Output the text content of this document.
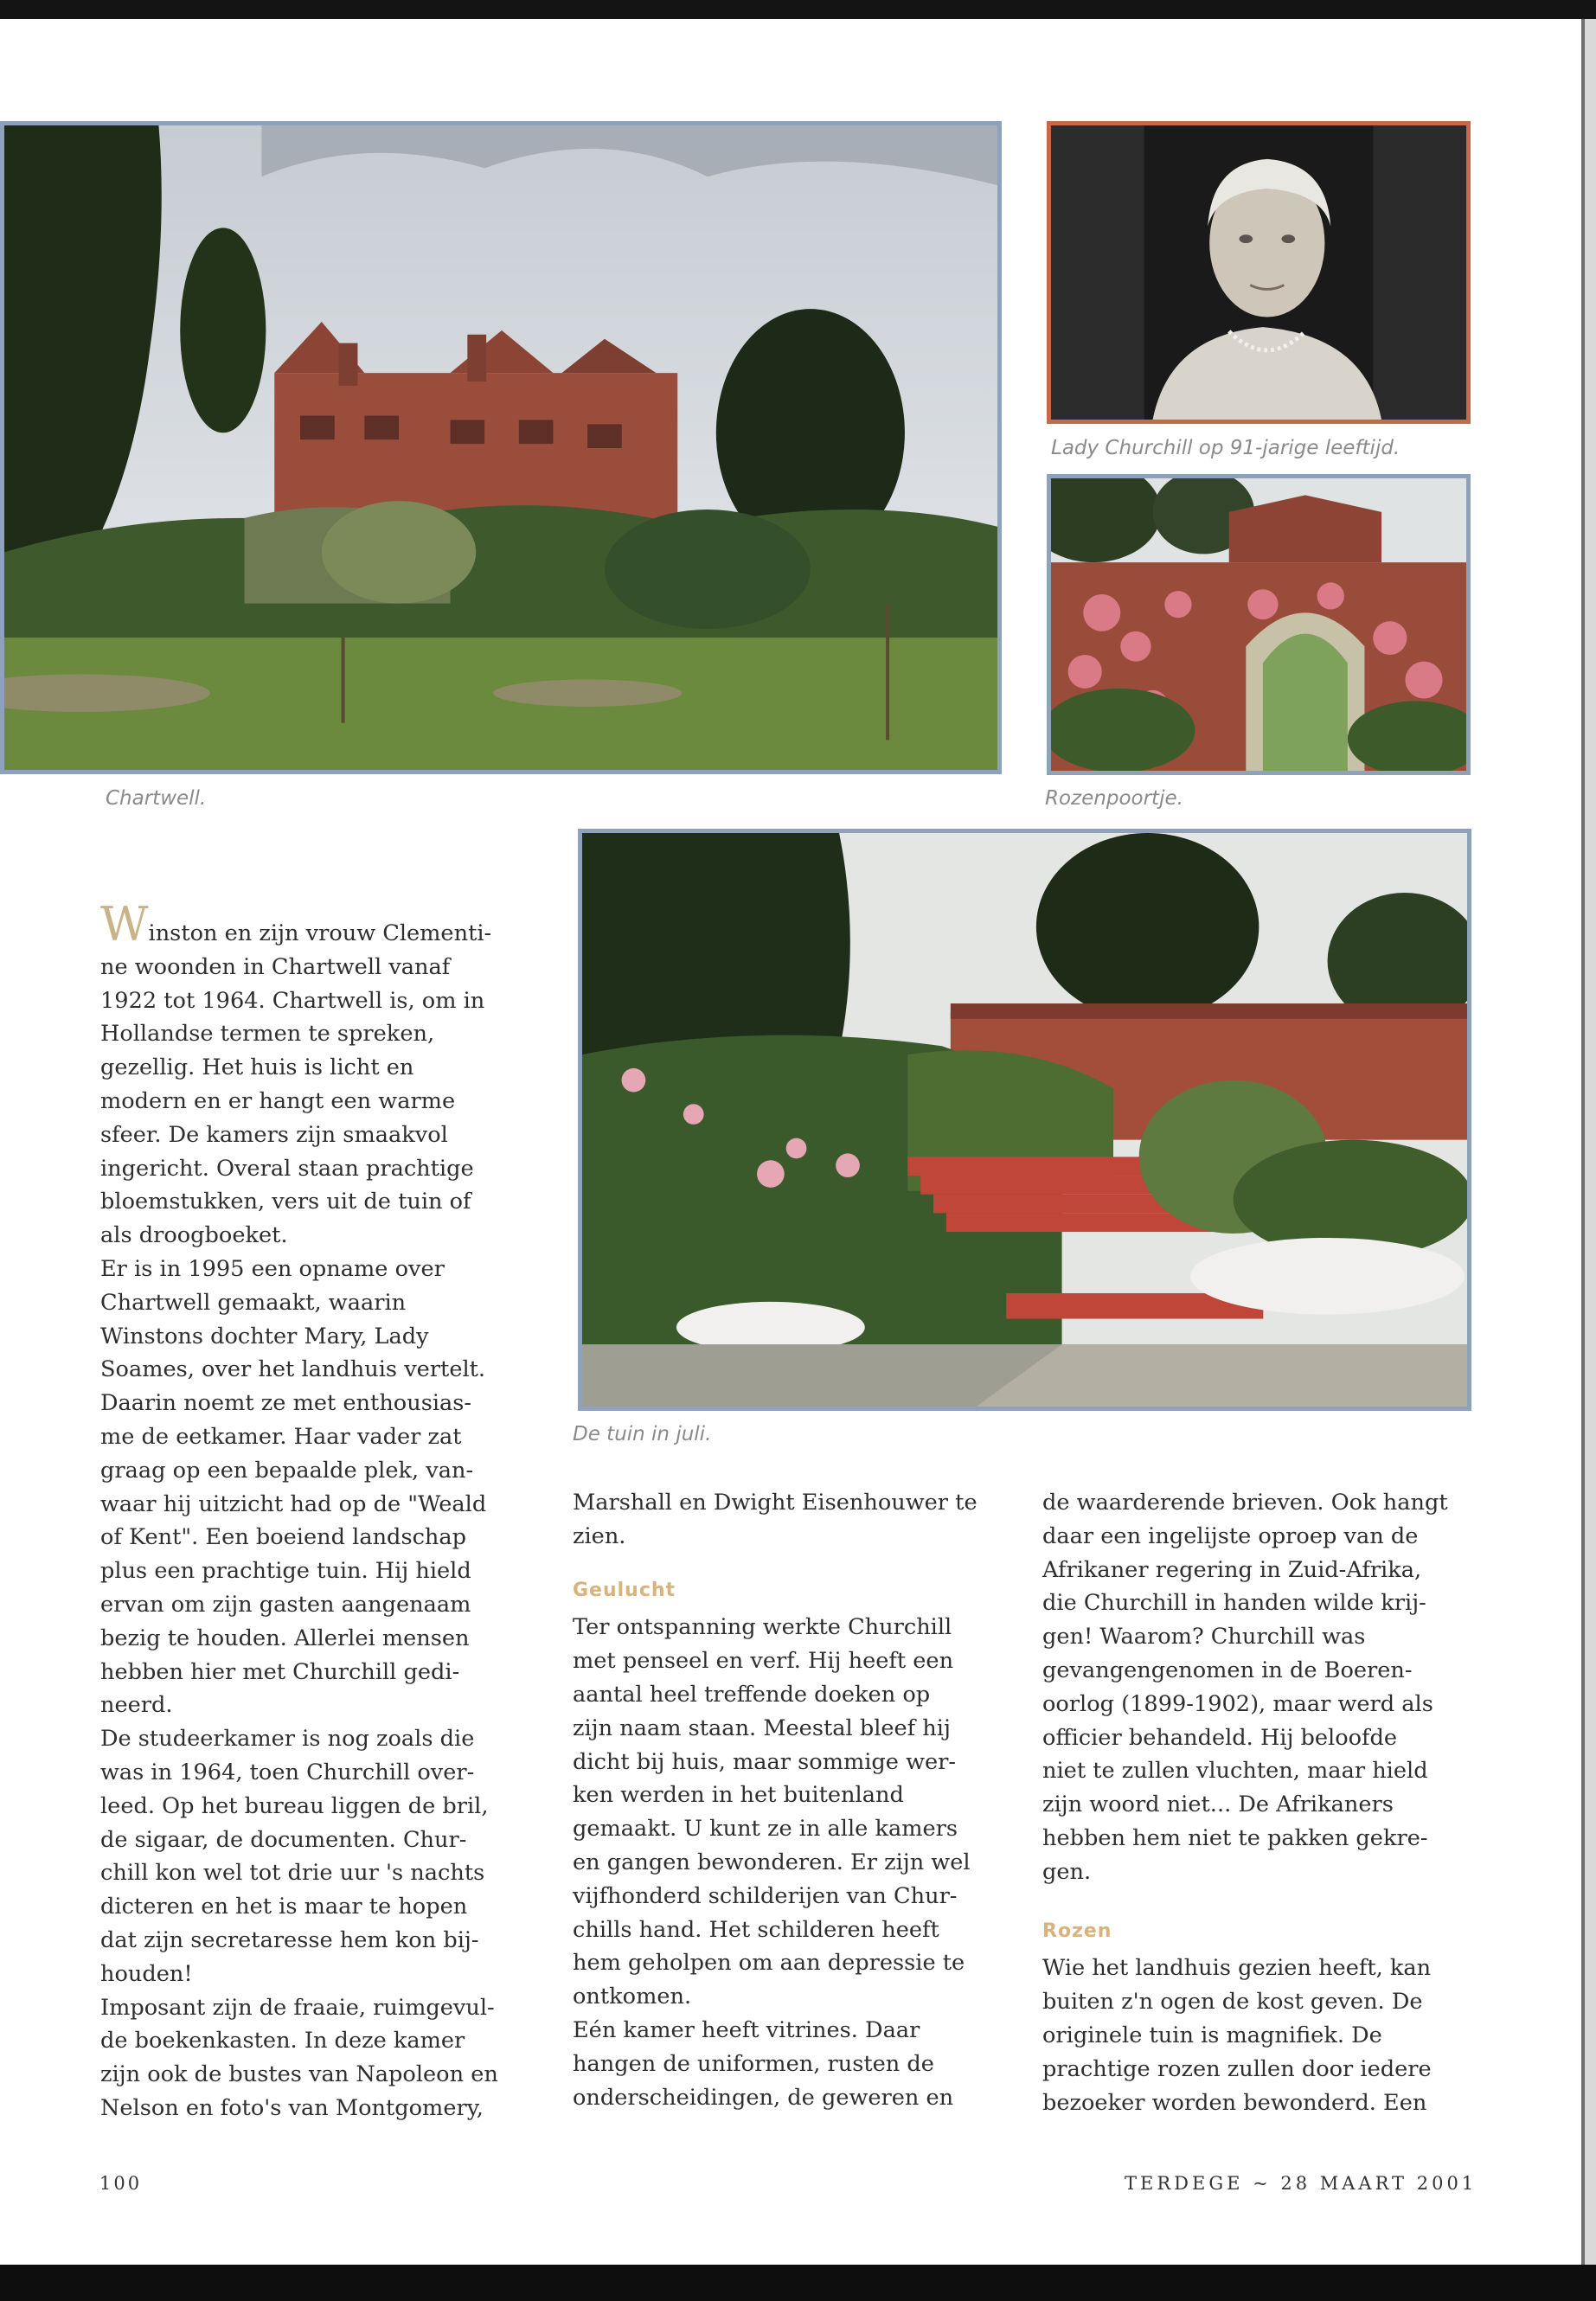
Chartwell.
Lady Churchill op 91-jarige leeftijd.
Rozenpoortje.
De tuin in juli.
Winston en zijn vrouw Clementi-
ne woonden in Chartwell vanaf
1922 tot 1964. Chartwell is, om in
Hollandse termen te spreken,
gezellig. Het huis is licht en
modern en er hangt een warme
sfeer. De kamers zijn smaakvol
ingericht. Overal staan prachtige
bloemstukken, vers uit de tuin of
als droogboeket.
Er is in 1995 een opname over
Chartwell gemaakt, waarin
Winstons dochter Mary, Lady
Soames, over het landhuis vertelt.
Daarin noemt ze met enthousias-
me de eetkamer. Haar vader zat
graag op een bepaalde plek, van-
waar hij uitzicht had op de "Weald
of Kent". Een boeiend landschap
plus een prachtige tuin. Hij hield
ervan om zijn gasten aangenaam
bezig te houden. Allerlei mensen
hebben hier met Churchill gedi-
neerd.
De studeerkamer is nog zoals die
was in 1964, toen Churchill over-
leed. Op het bureau liggen de bril,
de sigaar, de documenten. Chur-
chill kon wel tot drie uur 's nachts
dicteren en het is maar te hopen
dat zijn secretaresse hem kon bij-
houden!
Imposant zijn de fraaie, ruimgevul-
de boekenkasten. In deze kamer
zijn ook de bustes van Napoleon en
Nelson en foto's van Montgomery,
Marshall en Dwight Eisenhouwer te
zien.
Geulucht
Ter ontspanning werkte Churchill
met penseel en verf. Hij heeft een
aantal heel treffende doeken op
zijn naam staan. Meestal bleef hij
dicht bij huis, maar sommige wer-
ken werden in het buitenland
gemaakt. U kunt ze in alle kamers
en gangen bewonderen. Er zijn wel
vijfhonderd schilderijen van Chur-
chills hand. Het schilderen heeft
hem geholpen om aan depressie te
ontkomen.
Eén kamer heeft vitrines. Daar
hangen de uniformen, rusten de
onderscheidingen, de geweren en
de waarderende brieven. Ook hangt
daar een ingelijste oproep van de
Afrikaner regering in Zuid-Afrika,
die Churchill in handen wilde krij-
gen! Waarom? Churchill was
gevangengenomen in de Boeren-
oorlog (1899-1902), maar werd als
officier behandeld. Hij beloofde
niet te zullen vluchten, maar hield
zijn woord niet... De Afrikaners
hebben hem niet te pakken gekre-
gen.
Rozen
Wie het landhuis gezien heeft, kan
buiten z'n ogen de kost geven. De
originele tuin is magnifiek. De
prachtige rozen zullen door iedere
bezoeker worden bewonderd. Een
100	TERDEGE ~ 28 MAART 2001
